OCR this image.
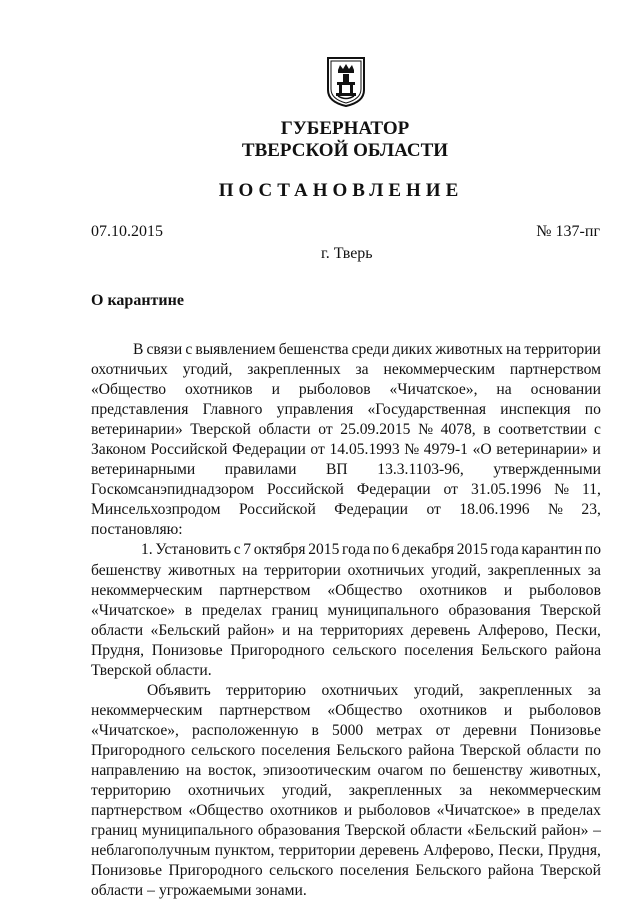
ГУБЕРНАТОР
ТВЕРСКОЙ ОБЛАСТИ
ПОСТАНОВЛЕНИЕ
07.10.2015	№ 137-пг
г. Тверь
О карантине
В связи с выявлением бешенства среди диких животных на территории
охотничьих угодий, закрепленных за некоммерческим партнерством
«Общество охотников и рыболовов «Чичатское», на основании
представления Главного управления «Государственная инспекция по
ветеринарии» Тверской области от 25.09.2015 № 4078, в соответствии с
Законом Российской Федерации от 14.05.1993 № 4979-1 «О ветеринарии» и
ветеринарными правилами ВП 13.3.1103-96, утвержденными
Госкомсанэпиднадзором Российской Федерации от 31.05.1996 № 11,
Минсельхозпродом Российской Федерации от 18.06.1996 № 23,
постановляю:
1. Установить с 7 октября 2015 года по 6 декабря 2015 года карантин по
бешенству животных на территории охотничьих угодий, закрепленных за
некоммерческим партнерством «Общество охотников и рыболовов
«Чичатское» в пределах границ муниципального образования Тверской
области «Бельский район» и на территориях деревень Алферово, Пески,
Прудня, Понизовье Пригородного сельского поселения Бельского района
Тверской области.
Объявить территорию охотничьих угодий, закрепленных за
некоммерческим партнерством «Общество охотников и рыболовов
«Чичатское», расположенную в 5000 метрах от деревни Понизовье
Пригородного сельского поселения Бельского района Тверской области по
направлению на восток, эпизоотическим очагом по бешенству животных,
территорию охотничьих угодий, закрепленных за некоммерческим
партнерством «Общество охотников и рыболовов «Чичатское» в пределах
границ муниципального образования Тверской области «Бельский район» –
неблагополучным пунктом, территории деревень Алферово, Пески, Прудня,
Понизовье Пригородного сельского поселения Бельского района Тверской
области – угрожаемыми зонами.
